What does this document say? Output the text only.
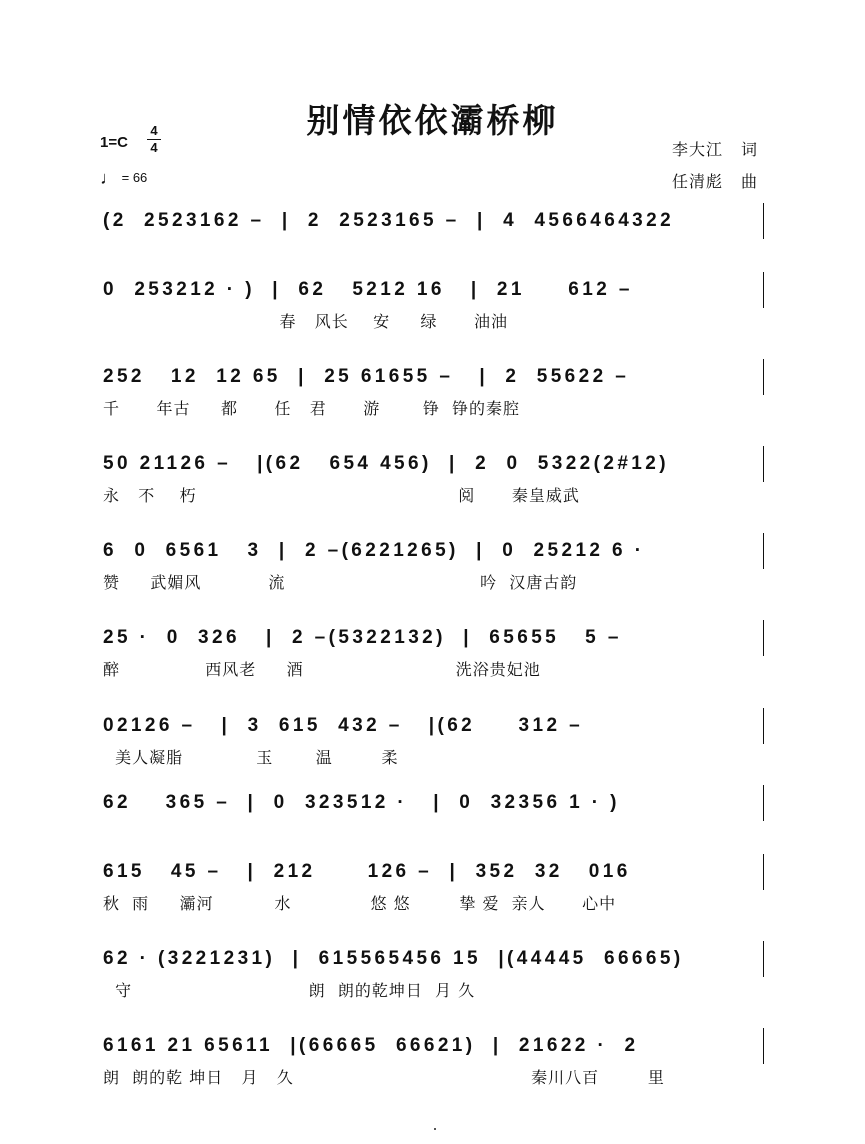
别情依依灞桥柳
1=C
4
4
♩ = 66
李大江 词
任清彪 曲
(2  2523162 –  |  2  2523165 –  |  4  4566464322
0  253212 · )  |  62   5212 16   |  21     612 –
春   风长    安     绿      油油
252   12  12 65  |  25 61655 –   |  2  55622 –
千      年古     都      任   君      游       铮  铮的秦腔
50 21126 –   |(62   654 456)  |  2  0  5322(2#12)
永   不    朽                                           阅      秦皇威武
6  0  6561   3  |  2 –(6221265)  |  0  25212 6 ·
赞     武媚风           流                                吟  汉唐古韵
25 ·  0  326   |  2 –(5322132)  |  65655   5 –
醉              西风老     酒                         洗浴贵妃池
02126 –   |  3  615  432 –   |(62     312 –
美人凝脂            玉       温        柔
62    365 –  |  0  323512 ·   |  0  32356 1 · )
615   45 –   |  212      126 –  |  352  32   016
秋  雨     灞河          水             悠 悠        挚 爱  亲人      心中
62 · (3221231)  |  615565456 15  |(44445  66665)
守                             朗  朗的乾坤日  月 久
6161 21 65611  |(66665  66621)  |  21622 ·  2
朗  朗的乾 坤日   月   久                                       秦川八百        里
